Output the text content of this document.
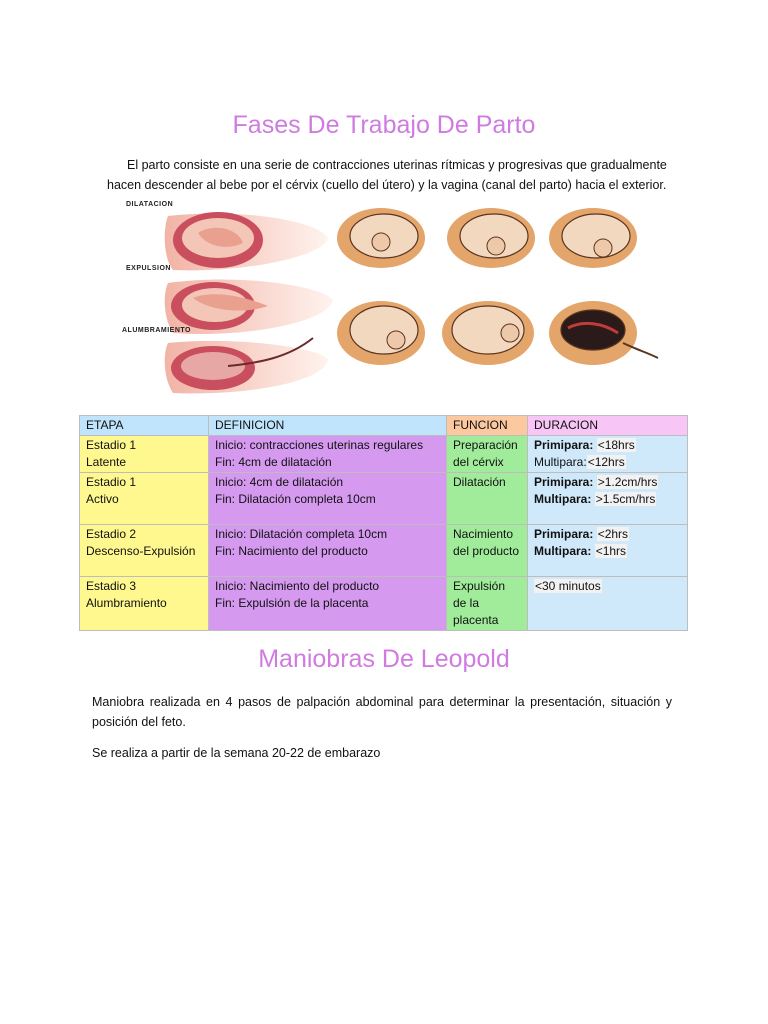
Fases De Trabajo De Parto
El parto consiste en una serie de contracciones uterinas rítmicas y progresivas que gradualmente
hacen descender al bebe por el cérvix (cuello del útero) y la vagina (canal del parto) hacia el exterior.
DILATACION
EXPULSION
ALUMBRAMIENTO
ETAPA	DEFINICION	FUNCION	DURACION
Estadio 1
Latente	Inicio: contracciones uterinas regulares
Fin: 4cm de dilatación	Preparación del cérvix	Primipara: <18hrs
Multipara:<12hrs
Estadio 1
Activo	Inicio: 4cm de dilatación
Fin: Dilatación completa 10cm	Dilatación	Primipara: >1.2cm/hrs
Multipara: >1.5cm/hrs
Estadio 2
Descenso-Expulsión	Inicio: Dilatación completa 10cm
Fin: Nacimiento del producto	Nacimiento del producto	Primipara: <2hrs
Multipara: <1hrs
Estadio 3
Alumbramiento	Inicio: Nacimiento del producto
Fin: Expulsión de la placenta	Expulsión de la placenta	<30 minutos
Maniobras De Leopold
Maniobra realizada en 4 pasos de palpación abdominal para determinar la presentación, situación y posición del feto.
Se realiza a partir de la semana 20-22 de embarazo
